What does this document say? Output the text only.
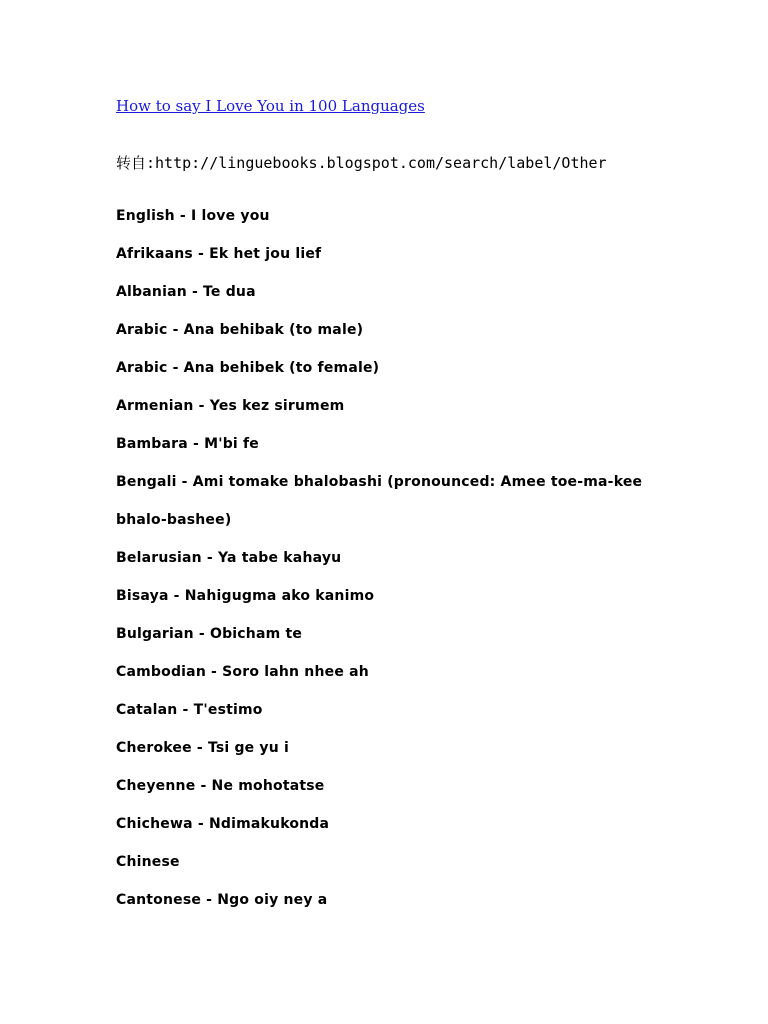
How to say I Love You in 100 Languages
转自:http://linguebooks.blogspot.com/search/label/Other
English - I love you
Afrikaans - Ek het jou lief
Albanian - Te dua
Arabic - Ana behibak (to male)
Arabic - Ana behibek (to female)
Armenian - Yes kez sirumem
Bambara - M'bi fe
Bengali - Ami tomake bhalobashi (pronounced: Amee toe-ma-kee
bhalo-bashee)
Belarusian - Ya tabe kahayu
Bisaya - Nahigugma ako kanimo
Bulgarian - Obicham te
Cambodian - Soro lahn nhee ah
Catalan - T'estimo
Cherokee - Tsi ge yu i
Cheyenne - Ne mohotatse
Chichewa - Ndimakukonda
Chinese
Cantonese - Ngo oiy ney a
